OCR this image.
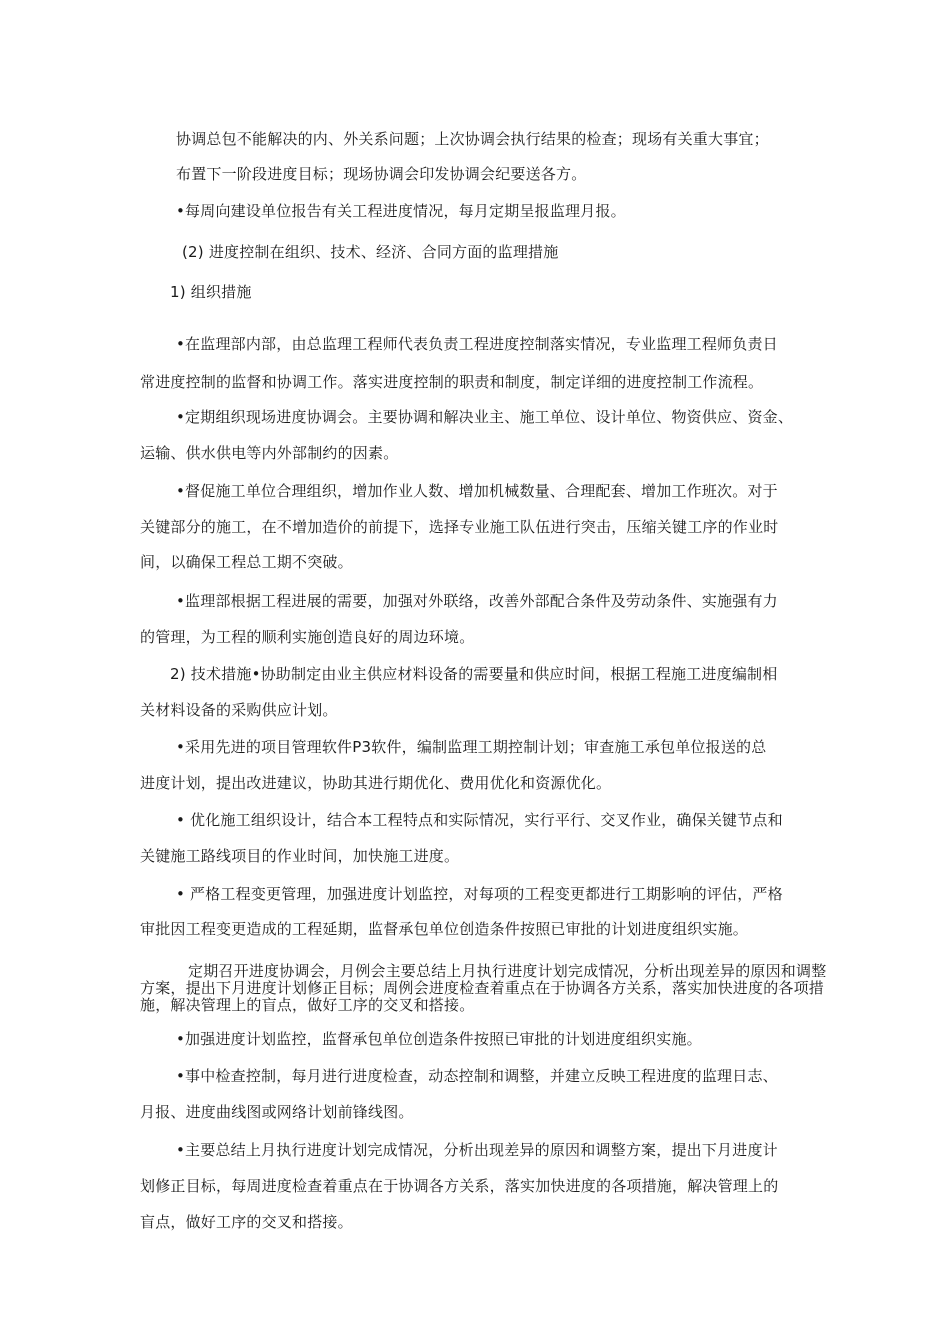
协调总包不能解决的内、外关系问题；上次协调会执行结果的检查；现场有关重大事宜；
布置下一阶段进度目标；现场协调会印发协调会纪要送各方。
•每周向建设单位报告有关工程进度情况，每月定期呈报监理月报。
(2) 进度控制在组织、技术、经济、合同方面的监理措施
1) 组织措施
•在监理部内部，由总监理工程师代表负责工程进度控制落实情况，专业监理工程师负责日
常进度控制的监督和协调工作。落实进度控制的职责和制度，制定详细的进度控制工作流程。
•定期组织现场进度协调会。主要协调和解决业主、施工单位、设计单位、物资供应、资金、
运输、供水供电等内外部制约的因素。
•督促施工单位合理组织，增加作业人数、增加机械数量、合理配套、增加工作班次。对于
关键部分的施工，在不增加造价的前提下，选择专业施工队伍进行突击，压缩关键工序的作业时
间，以确保工程总工期不突破。
•监理部根据工程进展的需要，加强对外联络，改善外部配合条件及劳动条件、实施强有力
的管理，为工程的顺利实施创造良好的周边环境。
2) 技术措施•协助制定由业主供应材料设备的需要量和供应时间，根据工程施工进度编制相
关材料设备的采购供应计划。
•采用先进的项目管理软件P3软件，编制监理工期控制计划；审查施工承包单位报送的总
进度计划，提出改进建议，协助其进行期优化、费用优化和资源优化。
• 优化施工组织设计，结合本工程特点和实际情况，实行平行、交叉作业，确保关键节点和
关键施工路线项目的作业时间，加快施工进度。
• 严格工程变更管理，加强进度计划监控，对每项的工程变更都进行工期影响的评估，严格
审批因工程变更造成的工程延期，监督承包单位创造条件按照已审批的计划进度组织实施。
定期召开进度协调会，月例会主要总结上月执行进度计划完成情况，分析出现差异的原因和调整方案，提出下月进度计划修正目标；周例会进度检查着重点在于协调各方关系，落实加快进度的各项措施，解决管理上的盲点，做好工序的交叉和搭接。
•加强进度计划监控，监督承包单位创造条件按照已审批的计划进度组织实施。
•事中检查控制，每月进行进度检查，动态控制和调整，并建立反映工程进度的监理日志、
月报、进度曲线图或网络计划前锋线图。
•主要总结上月执行进度计划完成情况，分析出现差异的原因和调整方案，提出下月进度计
划修正目标，每周进度检查着重点在于协调各方关系，落实加快进度的各项措施，解决管理上的
盲点，做好工序的交叉和搭接。
